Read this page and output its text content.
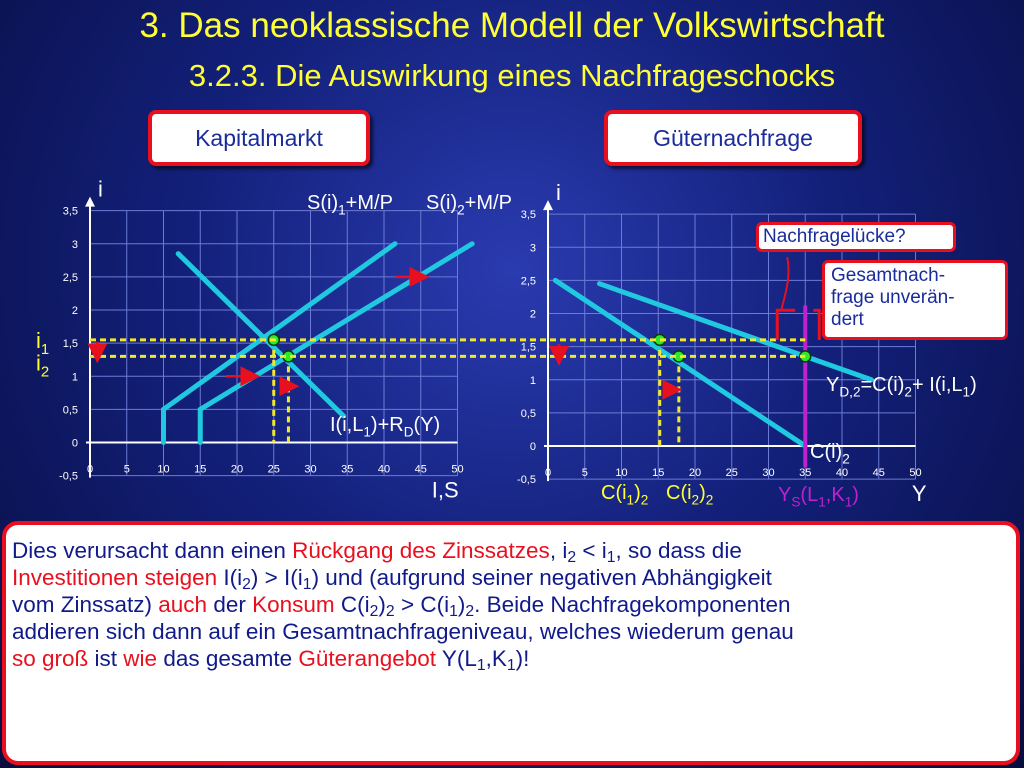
3. Das neoklassische Modell der Volkswirtschaft
3.2.3. Die Auswirkung eines Nachfrageschocks
3,5
3
2,5
2
1,5
1
0,5
0
-0,5
0	5	10 15 20 25 30 35 40 45 50
i
I,S
$i_1$
$i_2$
$S(i)_1+M/P$ $S(i)_2+M/P$
$I(i,L_1)+R_D(Y)$
3,5
3
2,5
2
1,5
1
0,5
0
-0,5
0	5	10 15 20 25 30 35 40 45 50
i
Y
$Y_{D,2}=C(i)_2+ I(i,L_1)$
$C(i)_2$
$C(i_1)_2$ $C(i_2)_2$	$Y_S(L_1,K_1)$
Kapitalmarkt	Güternachfrage
Nachfragelücke?
Gesamtnach-
frage unverän-
dert
Dies verursacht dann einen Rückgang des Zinssatzes, $i_2 < i_1$, so dass die
Investitionen steigen $I(i_2) > I(i_1)$ und (aufgrund seiner negativen Abhängigkeit
vom Zinssatz) auch der Konsum $C(i_2)_2 > C(i_1)_2$. Beide Nachfragekomponenten
addieren sich dann auf ein Gesamtnachfrageniveau, welches wiederum genau
so groß ist wie das gesamte Güterangebot $Y(L_1,K_1)$!
